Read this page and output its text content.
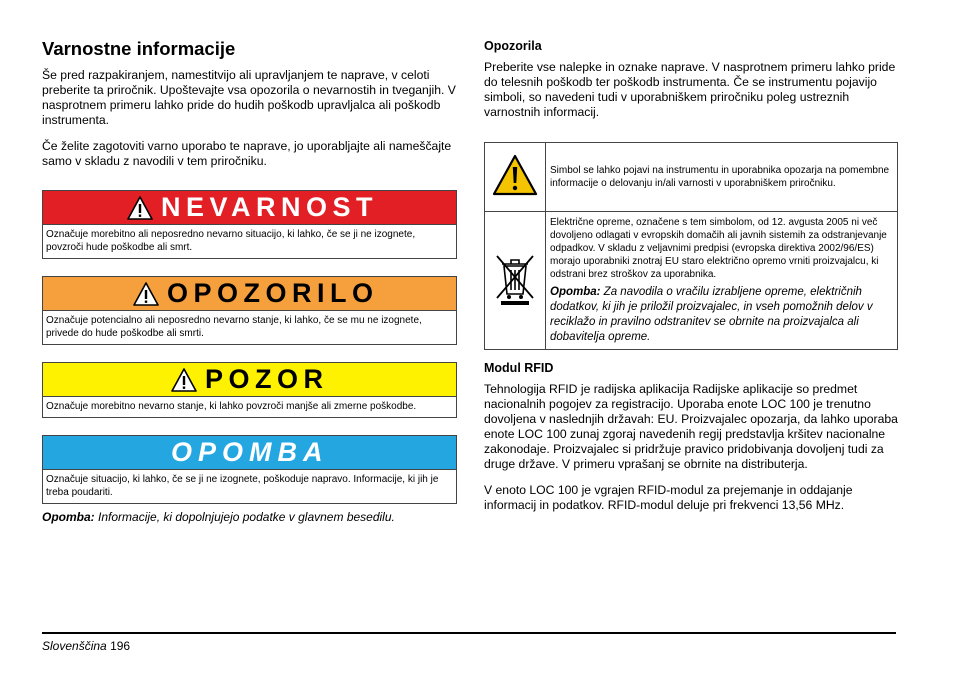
Varnostne informacije

Še pred razpakiranjem, namestitvijo ali upravljanjem te naprave, v celoti preberite ta priročnik. Upoštevajte vsa opozorila o nevarnostih in tveganjih. V nasprotnem primeru lahko pride do hudih poškodb upravljalca ali poškodb instrumenta.

Če želite zagotoviti varno uporabo te naprave, jo uporabljajte ali nameščajte samo v skladu z navodili v tem priročniku.

NEVARNOST
Označuje morebitno ali neposredno nevarno situacijo, ki lahko, če se ji ne izognete, povzroči hude poškodbe ali smrt.
OPOZORILO
Označuje potencialno ali neposredno nevarno stanje, ki lahko, če se mu ne izognete, privede do hude poškodbe ali smrti.
POZOR
Označuje morebitno nevarno stanje, ki lahko povzroči manjše ali zmerne poškodbe.
OPOMBA
Označuje situacijo, ki lahko, če se ji ne izognete, poškoduje napravo. Informacije, ki jih je treba poudariti.
Opomba: Informacije, ki dopolnjujejo podatke v glavnem besedilu.
Opozorila

Preberite vse nalepke in oznake naprave. V nasprotnem primeru lahko pride do telesnih poškodb ter poškodb instrumenta. Če se instrumentu pojavijo simboli, so navedeni tudi v uporabniškem priročniku poleg ustreznih varnostnih informacij.

	Simbol se lahko pojavi na instrumentu in uporabnika opozarja na pomembne informacije o delovanju in/ali varnosti v uporabniškem priročniku.

Električne opreme, označene s tem simbolom, od 12. avgusta 2005 ni več dovoljeno odlagati v evropskih domačih ali javnih sistemih za odstranjevanje odpadkov. V skladu z veljavnimi predpisi (evropska direktiva 2002/96/ES) morajo uporabniki znotraj EU staro električno opremo vrniti proizvajalcu, ki odstrani brez stroškov za uporabnika.
Opomba: Za navodila o vračilu izrabljene opreme, električnih dodatkov, ki jih je priložil proizvajalec, in vseh pomožnih delov v reciklažo in pravilno odstranitev se obrnite na proizvajalca ali dobavitelja opreme.
Modul RFID

Tehnologija RFID je radijska aplikacija Radijske aplikacije so predmet nacionalnih pogojev za registracijo. Uporaba enote LOC 100 je trenutno dovoljena v naslednjih državah: EU. Proizvajalec opozarja, da lahko uporaba enote LOC 100 zunaj zgoraj navedenih regij predstavlja kršitev nacionalne zakonodaje. Proizvajalec si pridržuje pravico pridobivanja dovoljenj tudi za druge države. V primeru vprašanj se obrnite na distributerja.

V enoto LOC 100 je vgrajen RFID-modul za prejemanje in oddajanje informacij in podatkov. RFID-modul deluje pri frekvenci 13,56 MHz.

Slovenščina 196
